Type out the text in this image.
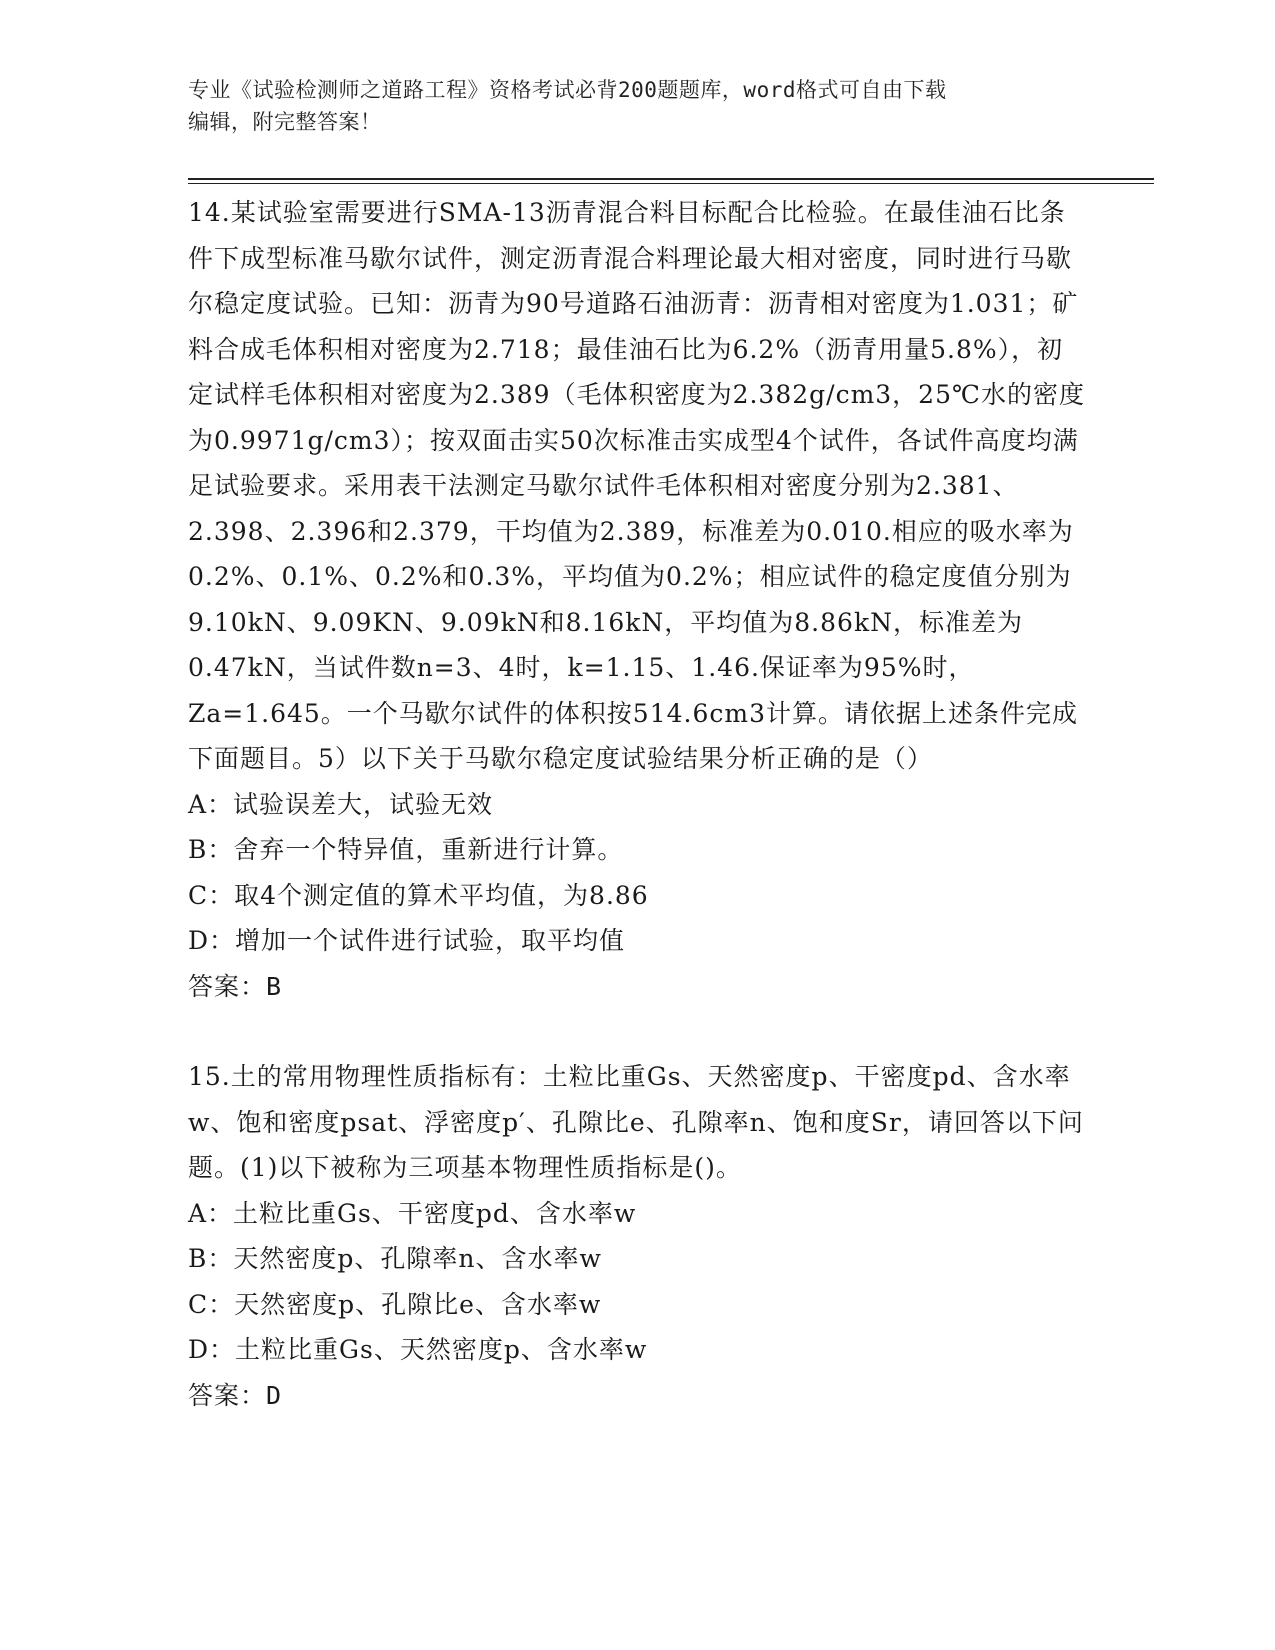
专业《试验检测师之道路工程》资格考试必背200题题库，word格式可自由下载
编辑，附完整答案！

14.某试验室需要进行SMA-13沥青混合料目标配合比检验。在最佳油石比条件下成型标准马歇尔试件，测定沥青混合料理论最大相对密度，同时进行马歇尔稳定度试验。已知：沥青为90号道路石油沥青：沥青相对密度为1.031；矿料合成毛体积相对密度为2.718；最佳油石比为6.2%（沥青用量5.8%），初定试样毛体积相对密度为2.389（毛体积密度为2.382g/cm3，25℃水的密度为0.9971g/cm3）；按双面击实50次标准击实成型4个试件，各试件高度均满足试验要求。采用表干法测定马歇尔试件毛体积相对密度分别为2.381、2.398、2.396和2.379，干均值为2.389，标准差为0.010.相应的吸水率为0.2%、0.1%、0.2%和0.3%，平均值为0.2%；相应试件的稳定度值分别为9.10kN、9.09KN、9.09kN和8.16kN，平均值为8.86kN，标准差为0.47kN，当试件数n=3、4时，k=1.15、1.46.保证率为95%时，Za=1.645。一个马歇尔试件的体积按514.6cm3计算。请依据上述条件完成下面题目。5）以下关于马歇尔稳定度试验结果分析正确的是（）

A：试验误差大，试验无效

B：舍弃一个特异值，重新进行计算。

C：取4个测定值的算术平均值，为8.86

D：增加一个试件进行试验，取平均值

答案：B

15.土的常用物理性质指标有：土粒比重Gs、天然密度p、干密度pd、含水率w、饱和密度psat、浮密度p′、孔隙比e、孔隙率n、饱和度Sr，请回答以下问题。(1)以下被称为三项基本物理性质指标是()。

A：土粒比重Gs、干密度pd、含水率w

B：天然密度p、孔隙率n、含水率w

C：天然密度p、孔隙比e、含水率w

D：土粒比重Gs、天然密度p、含水率w

答案：D
